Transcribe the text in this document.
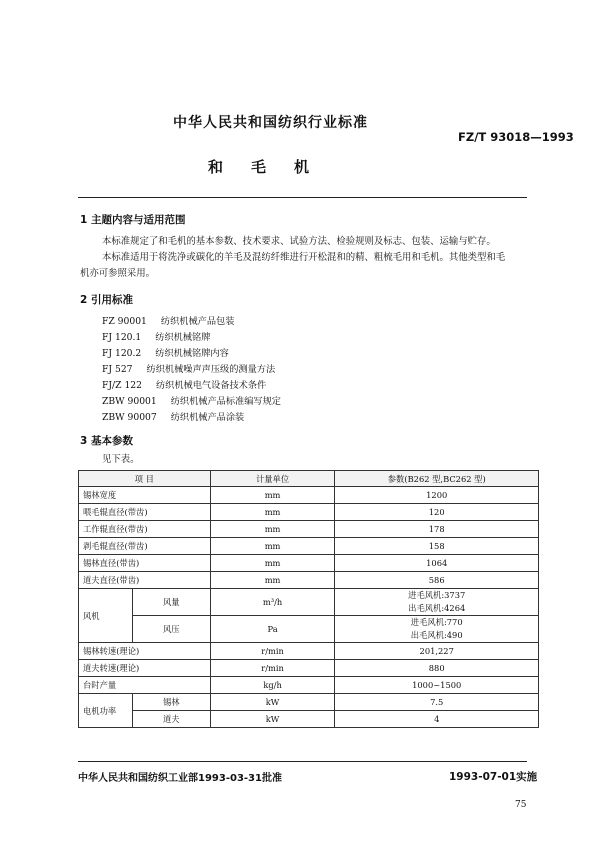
中华人民共和国纺织行业标准
FZ/T 93018—1993
和毛机
1 主题内容与适用范围
本标准规定了和毛机的基本参数、技术要求、试验方法、检验规则及标志、包装、运输与贮存。
本标准适用于将洗净或碳化的羊毛及混纺纤维进行开松混和的精、粗梳毛用和毛机。其他类型和毛
机亦可参照采用。
2 引用标准
FZ 90001 纺织机械产品包装
FJ 120.1 纺织机械铭牌
FJ 120.2 纺织机械铭牌内容
FJ 527 纺织机械噪声声压级的测量方法
FJ/Z 122 纺织机械电气设备技术条件
ZBW 90001 纺织机械产品标准编写规定
ZBW 90007 纺织机械产品涂装
3 基本参数
见下表。
项 目		计量单位	参数(B262 型,BC262 型)
锡林宽度		mm	1200
喂毛辊直径(带齿)		mm	120
工作辊直径(带齿)		mm	178
剥毛辊直径(带齿)		mm	158
锡林直径(带齿)		mm	1064
道夫直径(带齿)		mm	586
风机	风量	m³/h	进毛风机:3737
出毛风机:4264
	风压	Pa	进毛风机:770
出毛风机:490
锡林转速(理论)		r/min	201,227
道夫转速(理论)		r/min	880
台时产量		kg/h	1000~1500
电机功率	锡林	kW	7.5
	道夫	kW	4
中华人民共和国纺织工业部1993-03-31批准	1993-07-01实施
75
